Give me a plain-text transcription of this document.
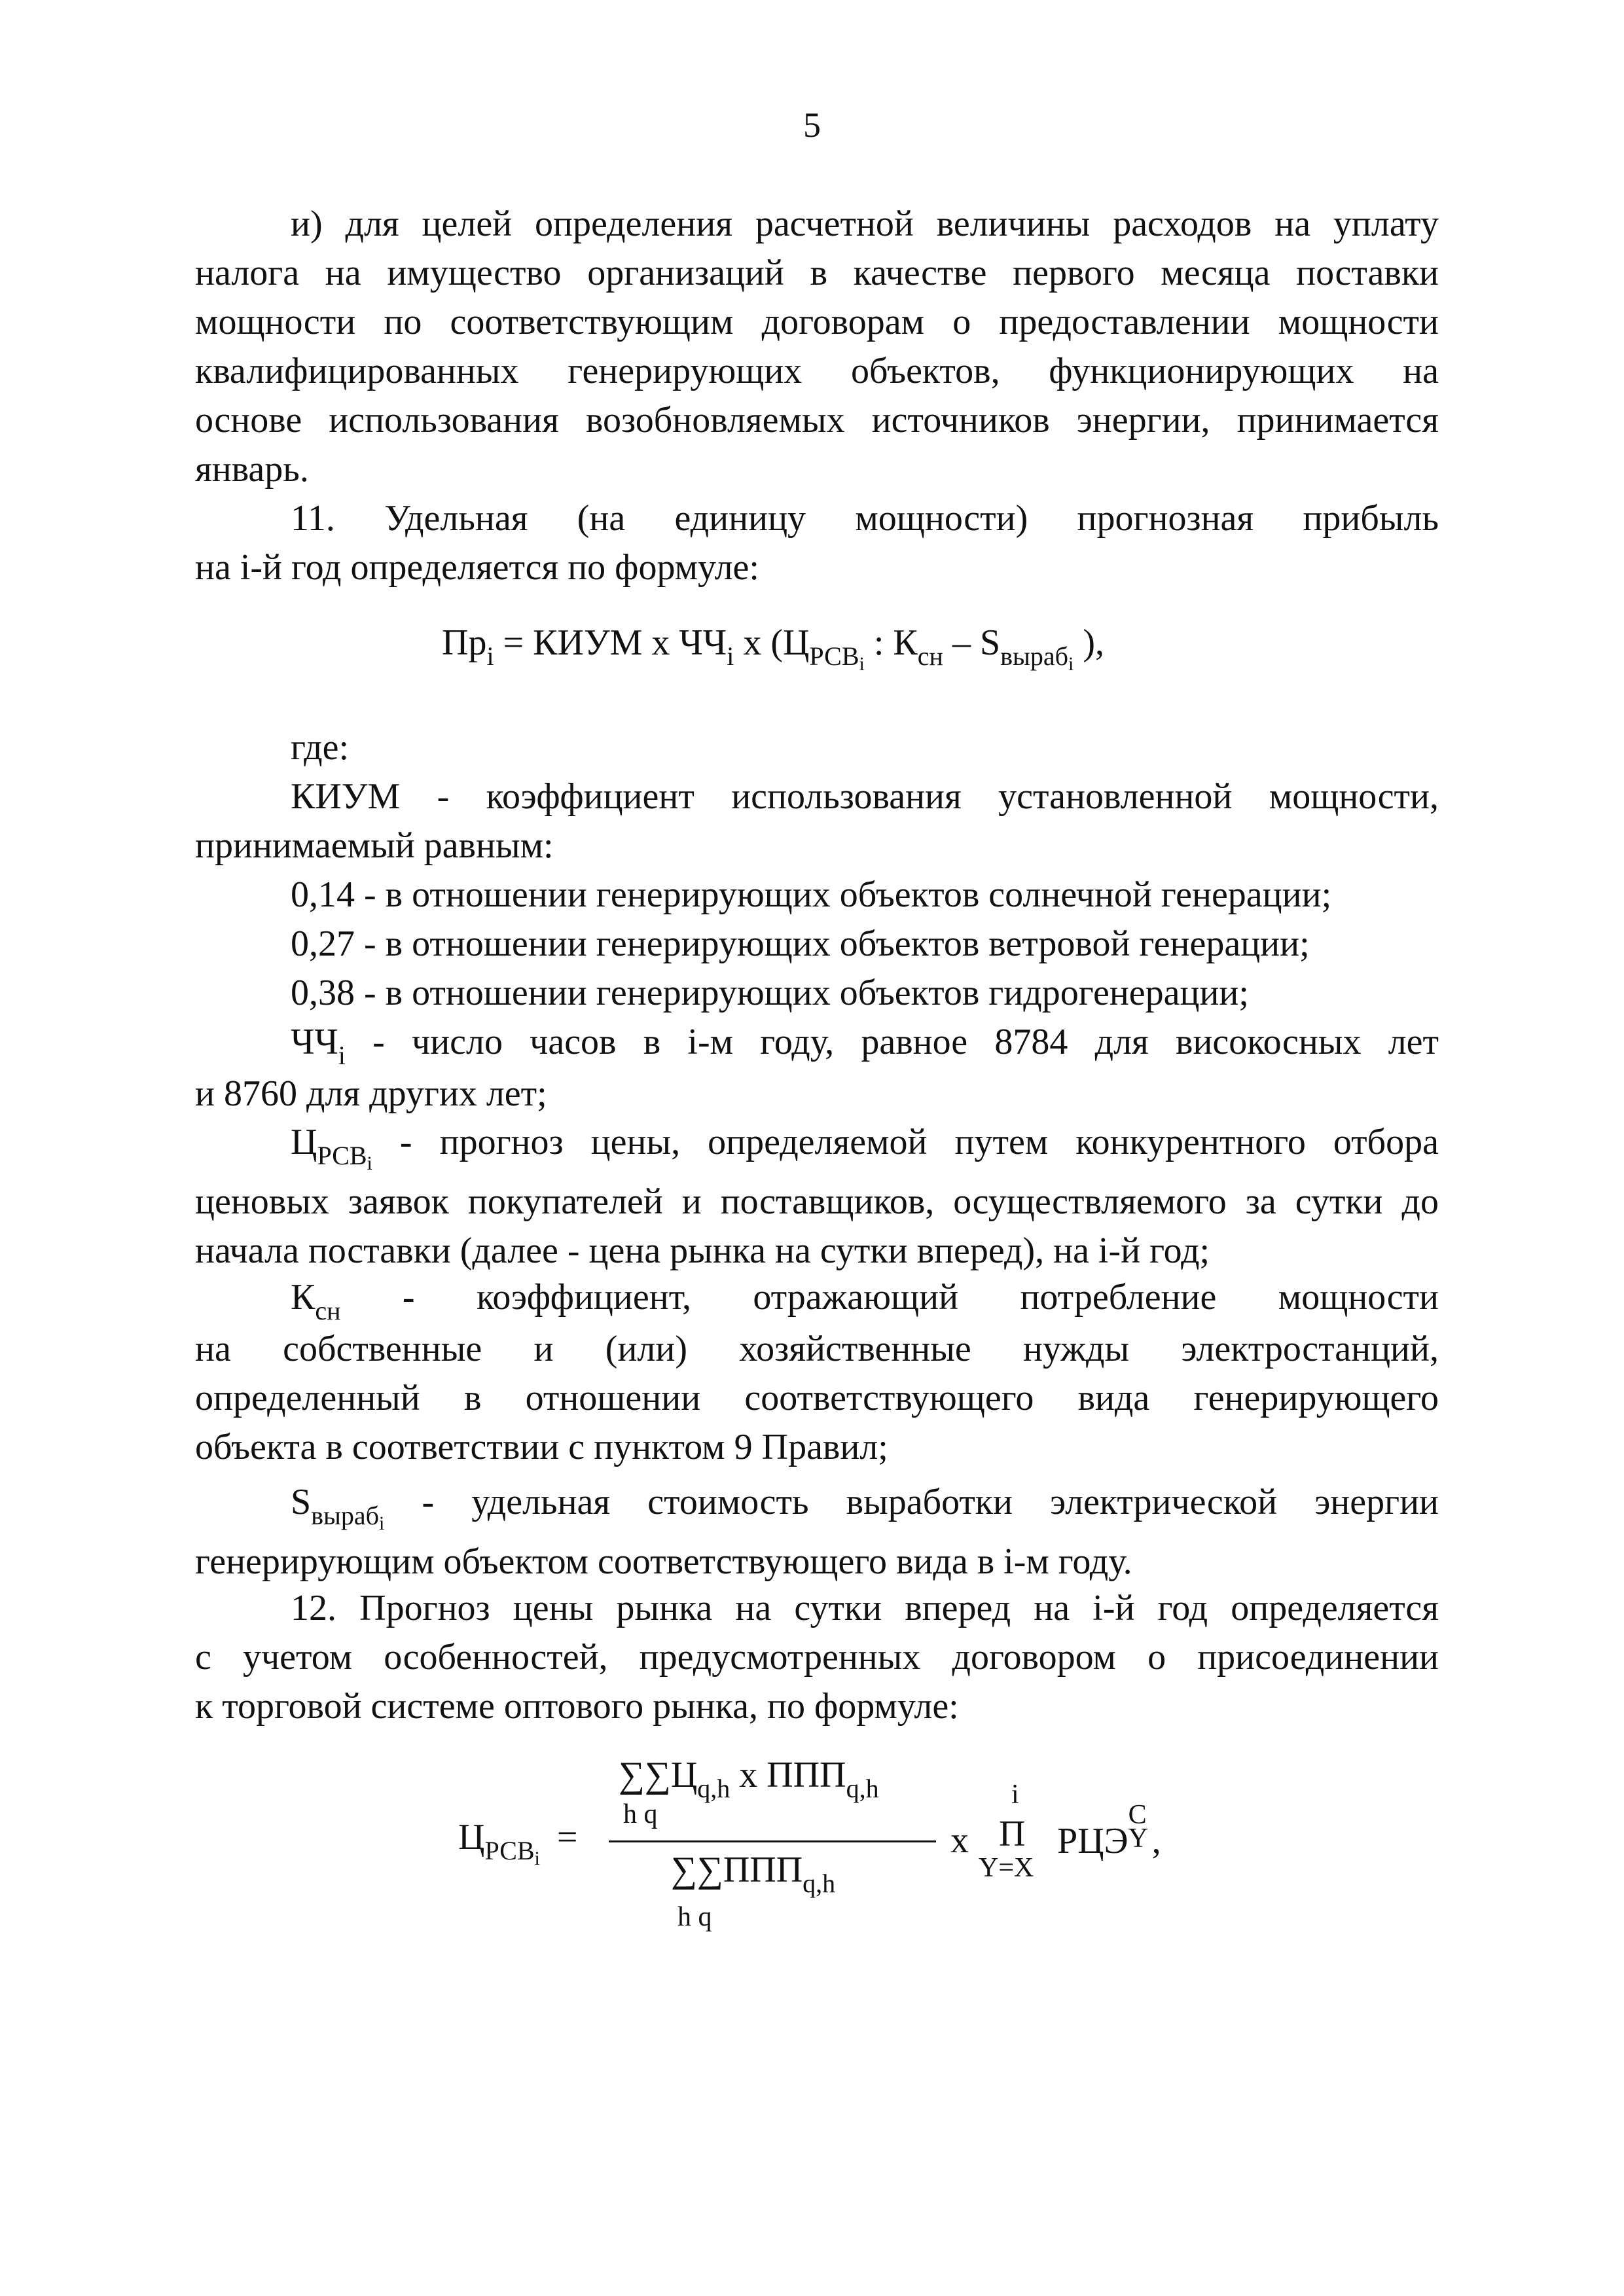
5

и) для целей определения расчетной величины расходов на уплату

налога на имущество организаций в качестве первого месяца поставки

мощности по соответствующим договорам о предоставлении мощности

квалифицированных генерирующих объектов, функционирующих на

основе использования возобновляемых источников энергии, принимается

январь.

11. Удельная (на единицу мощности) прогнозная прибыль

на i-й год определяется по формуле:

$Пр_i$ = КИУМ х $ЧЧ_i$ х ($Ц_{РСВi}$ : $К_{сн} - S_{вырабi}$ ),

где:

КИУМ - коэффициент использования установленной мощности,

принимаемый равным:

0,14 - в отношении генерирующих объектов солнечной генерации;

0,27 - в отношении генерирующих объектов ветровой генерации;

0,38 - в отношении генерирующих объектов гидрогенерации;

$ЧЧ_i$ - число часов в i-м году, равное 8784 для високосных лет

и 8760 для других лет;

$Ц_{РСВi}$ - прогноз цены, определяемой путем конкурентного отбора

ценовых заявок покупателей и поставщиков, осуществляемого за сутки до

начала поставки (далее - цена рынка на сутки вперед), на i-й год;

$К_{сн}$ - коэффициент, отражающий потребление мощности

на собственные и (или) хозяйственные нужды электростанций,

определенный в отношении соответствующего вида генерирующего

объекта в соответствии с пунктом 9 Правил;

$S_{вырабi}$ - удельная стоимость выработки электрической энергии

генерирующим объектом соответствующего вида в i-м году.

12. Прогноз цены рынка на сутки вперед на i-й год определяется

с учетом особенностей, предусмотренных договором о присоединении

к торговой системе оптового рынка, по формуле:

$Ц_{РСВi}$ =
$\sum\sum Ц_{q,h}$ х $ППП_{q,h}$
h q
$\sum\sum ППП_{q,h}$
h q
х
i
П
Y=X
РЦЭ
C
Y ,
